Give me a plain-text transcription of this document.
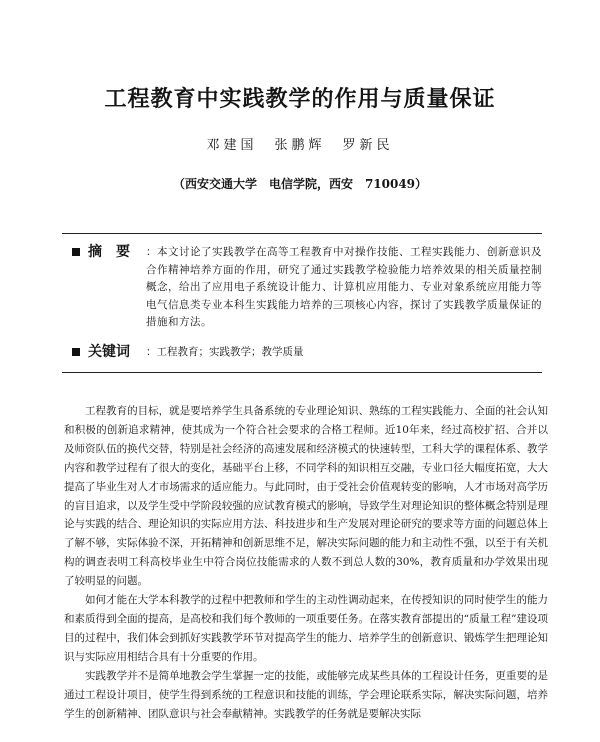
工程教育中实践教学的作用与质量保证
邓建国　张鹏辉　罗新民
（西安交通大学　电信学院，西安　710049）
摘　要 ：本文讨论了实践教学在高等工程教育中对操作技能、工程实践能力、创新意识及合作精神培养方面的作用，研究了通过实践教学检验能力培养效果的相关质量控制概念，给出了应用电子系统设计能力、计算机应用能力、专业对象系统应用能力等电气信息类专业本科生实践能力培养的三项核心内容，探讨了实践教学质量保证的措施和方法。
关键词 ：工程教育；实践教学；教学质量

工程教育的目标，就是要培养学生具备系统的专业理论知识、熟练的工程实践能力、全面的社会认知和积极的创新追求精神，使其成为一个符合社会要求的合格工程师。近10年来，经过高校扩招、合并以及师资队伍的换代交替，特别是社会经济的高速发展和经济模式的快速转型，工科大学的课程体系、教学内容和教学过程有了很大的变化，基础平台上移，不同学科的知识相互交融，专业口径大幅度拓宽，大大提高了毕业生对人才市场需求的适应能力。与此同时，由于受社会价值观转变的影响，人才市场对高学历的盲目追求，以及学生受中学阶段较强的应试教育模式的影响，导致学生对理论知识的整体概念特别是理论与实践的结合、理论知识的实际应用方法、科技进步和生产发展对理论研究的要求等方面的问题总体上了解不够，实际体验不深，开拓精神和创新思维不足，解决实际问题的能力和主动性不强，以至于有关机构的调查表明工科高校毕业生中符合岗位技能需求的人数不到总人数的30%，教育质量和办学效果出现了较明显的问题。

如何才能在大学本科教学的过程中把教师和学生的主动性调动起来，在传授知识的同时使学生的能力和素质得到全面的提高，是高校和我们每个教师的一项重要任务。在落实教育部提出的“质量工程”建设项目的过程中，我们体会到抓好实践教学环节对提高学生的能力、培养学生的创新意识、锻炼学生把理论知识与实际应用相结合具有十分重要的作用。

实践教学并不是简单地教会学生掌握一定的技能，或能够完成某些具体的工程设计任务，更重要的是通过工程设计项目，使学生得到系统的工程意识和技能的训练，学会理论联系实际，解决实际问题，培养学生的创新精神、团队意识与社会奉献精神。实践教学的任务就是要解决实际
